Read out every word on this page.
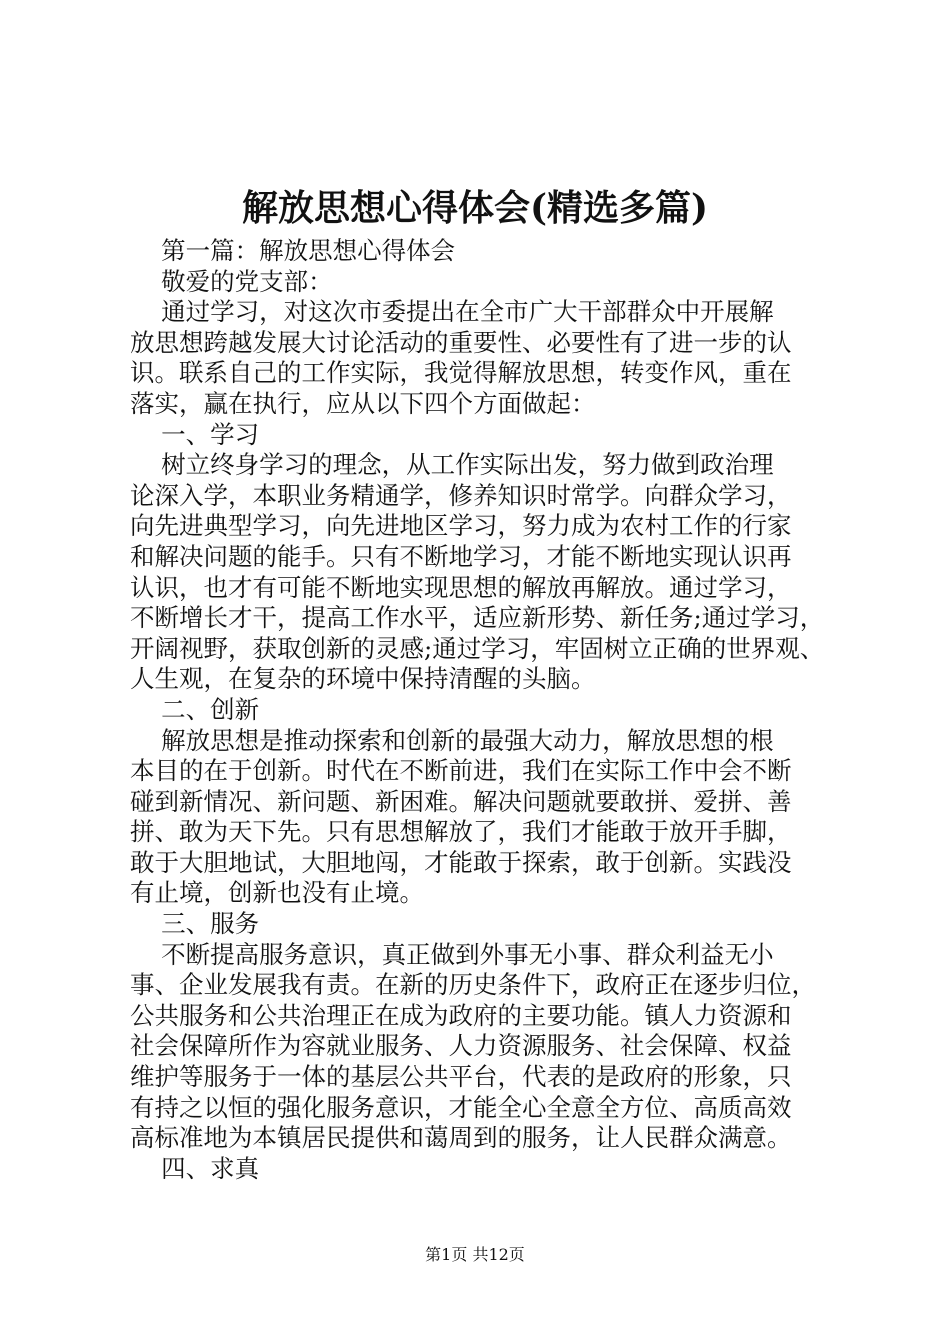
解放思想心得体会(精选多篇)
第一篇：解放思想心得体会
敬爱的党支部：
通过学习，对这次市委提出在全市广大干部群众中开展解
放思想跨越发展大讨论活动的重要性、必要性有了进一步的认
识。联系自己的工作实际，我觉得解放思想，转变作风，重在
落实，赢在执行，应从以下四个方面做起：
一、学习
树立终身学习的理念，从工作实际出发，努力做到政治理
论深入学，本职业务精通学，修养知识时常学。向群众学习，
向先进典型学习，向先进地区学习，努力成为农村工作的行家
和解决问题的能手。只有不断地学习，才能不断地实现认识再
认识，也才有可能不断地实现思想的解放再解放。通过学习，
不断增长才干，提高工作水平，适应新形势、新任务;通过学习，
开阔视野，获取创新的灵感;通过学习，牢固树立正确的世界观、
人生观，在复杂的环境中保持清醒的头脑。
二、创新
解放思想是推动探索和创新的最强大动力，解放思想的根
本目的在于创新。时代在不断前进，我们在实际工作中会不断
碰到新情况、新问题、新困难。解决问题就要敢拼、爱拼、善
拼、敢为天下先。只有思想解放了，我们才能敢于放开手脚，
敢于大胆地试，大胆地闯，才能敢于探索，敢于创新。实践没
有止境，创新也没有止境。
三、服务
不断提高服务意识，真正做到外事无小事、群众利益无小
事、企业发展我有责。在新的历史条件下，政府正在逐步归位，
公共服务和公共治理正在成为政府的主要功能。镇人力资源和
社会保障所作为容就业服务、人力资源服务、社会保障、权益
维护等服务于一体的基层公共平台，代表的是政府的形象，只
有持之以恒的强化服务意识，才能全心全意全方位、高质高效
高标准地为本镇居民提供和蔼周到的服务，让人民群众满意。
四、求真
第1页 共12页
